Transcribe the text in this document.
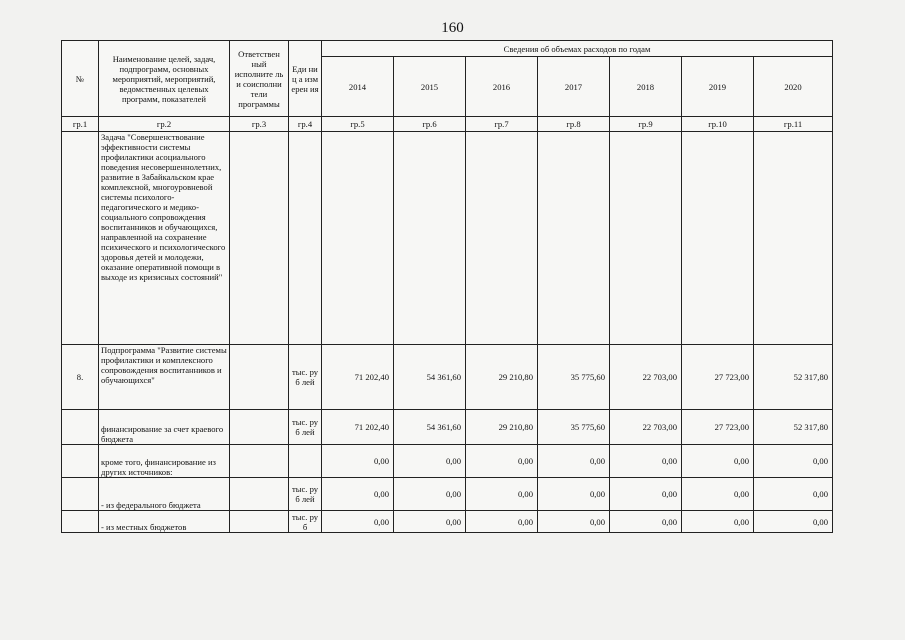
160
№	Наименование целей, задач, подпрограмм, основных мероприятий, мероприятий, ведомственных целевых программ, показателей	Ответствен ный исполните ль и соисполни тели программы	Еди ниц а изм ерен ия	Сведения об объемах расходов по годам						
				2014	2015	2016	2017	2018	2019	2020
гр.1	гр.2	гр.3	гр.4	гр.5	гр.6	гр.7	гр.8	гр.9	гр.10	гр.11
	Задача "Совершенствование эффективности системы профилактики асоциального поведения несовершеннолетних, развитие в Забайкальском крае комплексной, многоуровневой системы психолого-педагогического и медико-социального сопровождения воспитанников и обучающихся, направленной на сохранение психического и психологического здоровья детей и молодежи, оказание оперативной помощи в выходе из кризисных состояний"									
8.	Подпрограмма "Развитие системы профилактики и комплексного сопровождения воспитанников и обучающихся"		тыс. руб лей	71 202,40	54 361,60	29 210,80	35 775,60	22 703,00	27 723,00	52 317,80
	финансирование за счет краевого бюджета		тыс. руб лей	71 202,40	54 361,60	29 210,80	35 775,60	22 703,00	27 723,00	52 317,80
	кроме того, финансирование из других источников:			0,00	0,00	0,00	0,00	0,00	0,00	0,00
	- из федерального бюджета		тыс. руб лей	0,00	0,00	0,00	0,00	0,00	0,00	0,00
	- из местных бюджетов		тыс. руб	0,00	0,00	0,00	0,00	0,00	0,00	0,00
